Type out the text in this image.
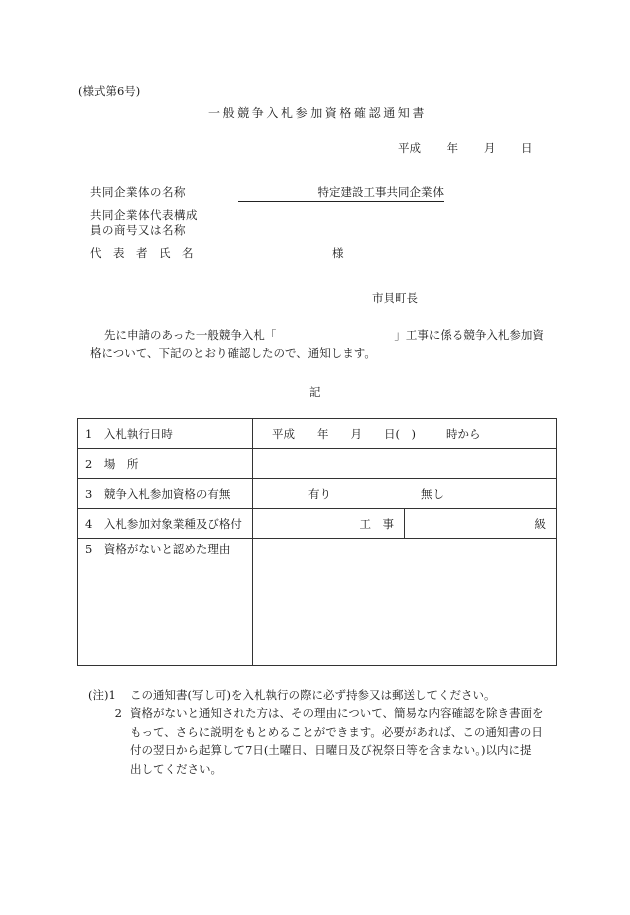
(様式第6号)
一般競争入札参加資格確認通知書
平成 年 月 日
共同企業体の名称	特定建設工事共同企業体
共同企業体代表構成
員の商号又は名称
代 表 者 氏 名	様
市貝町長
先に申請のあった一般競争入札「	」工事に係る競争入札参加資
格について、下記のとおり確認したので、通知します。
記
1　入札執行日時	平成 年 月 日(　) 時から	
2　場　所		
3　競争入札参加資格の有無	有り 無し	
4　入札参加対象業種及び格付	工　事	級
5　資格がないと認めた理由		
(注)1	この通知書(写し可)を入札執行の際に必ず持参又は郵送してください。
2 資格がないと通知された方は、その理由について、簡易な内容確認を除き書面を
もって、さらに説明をもとめることができます。必要があれば、この通知書の日
付の翌日から起算して7日(土曜日、日曜日及び祝祭日等を含まない。)以内に提
出してください。
